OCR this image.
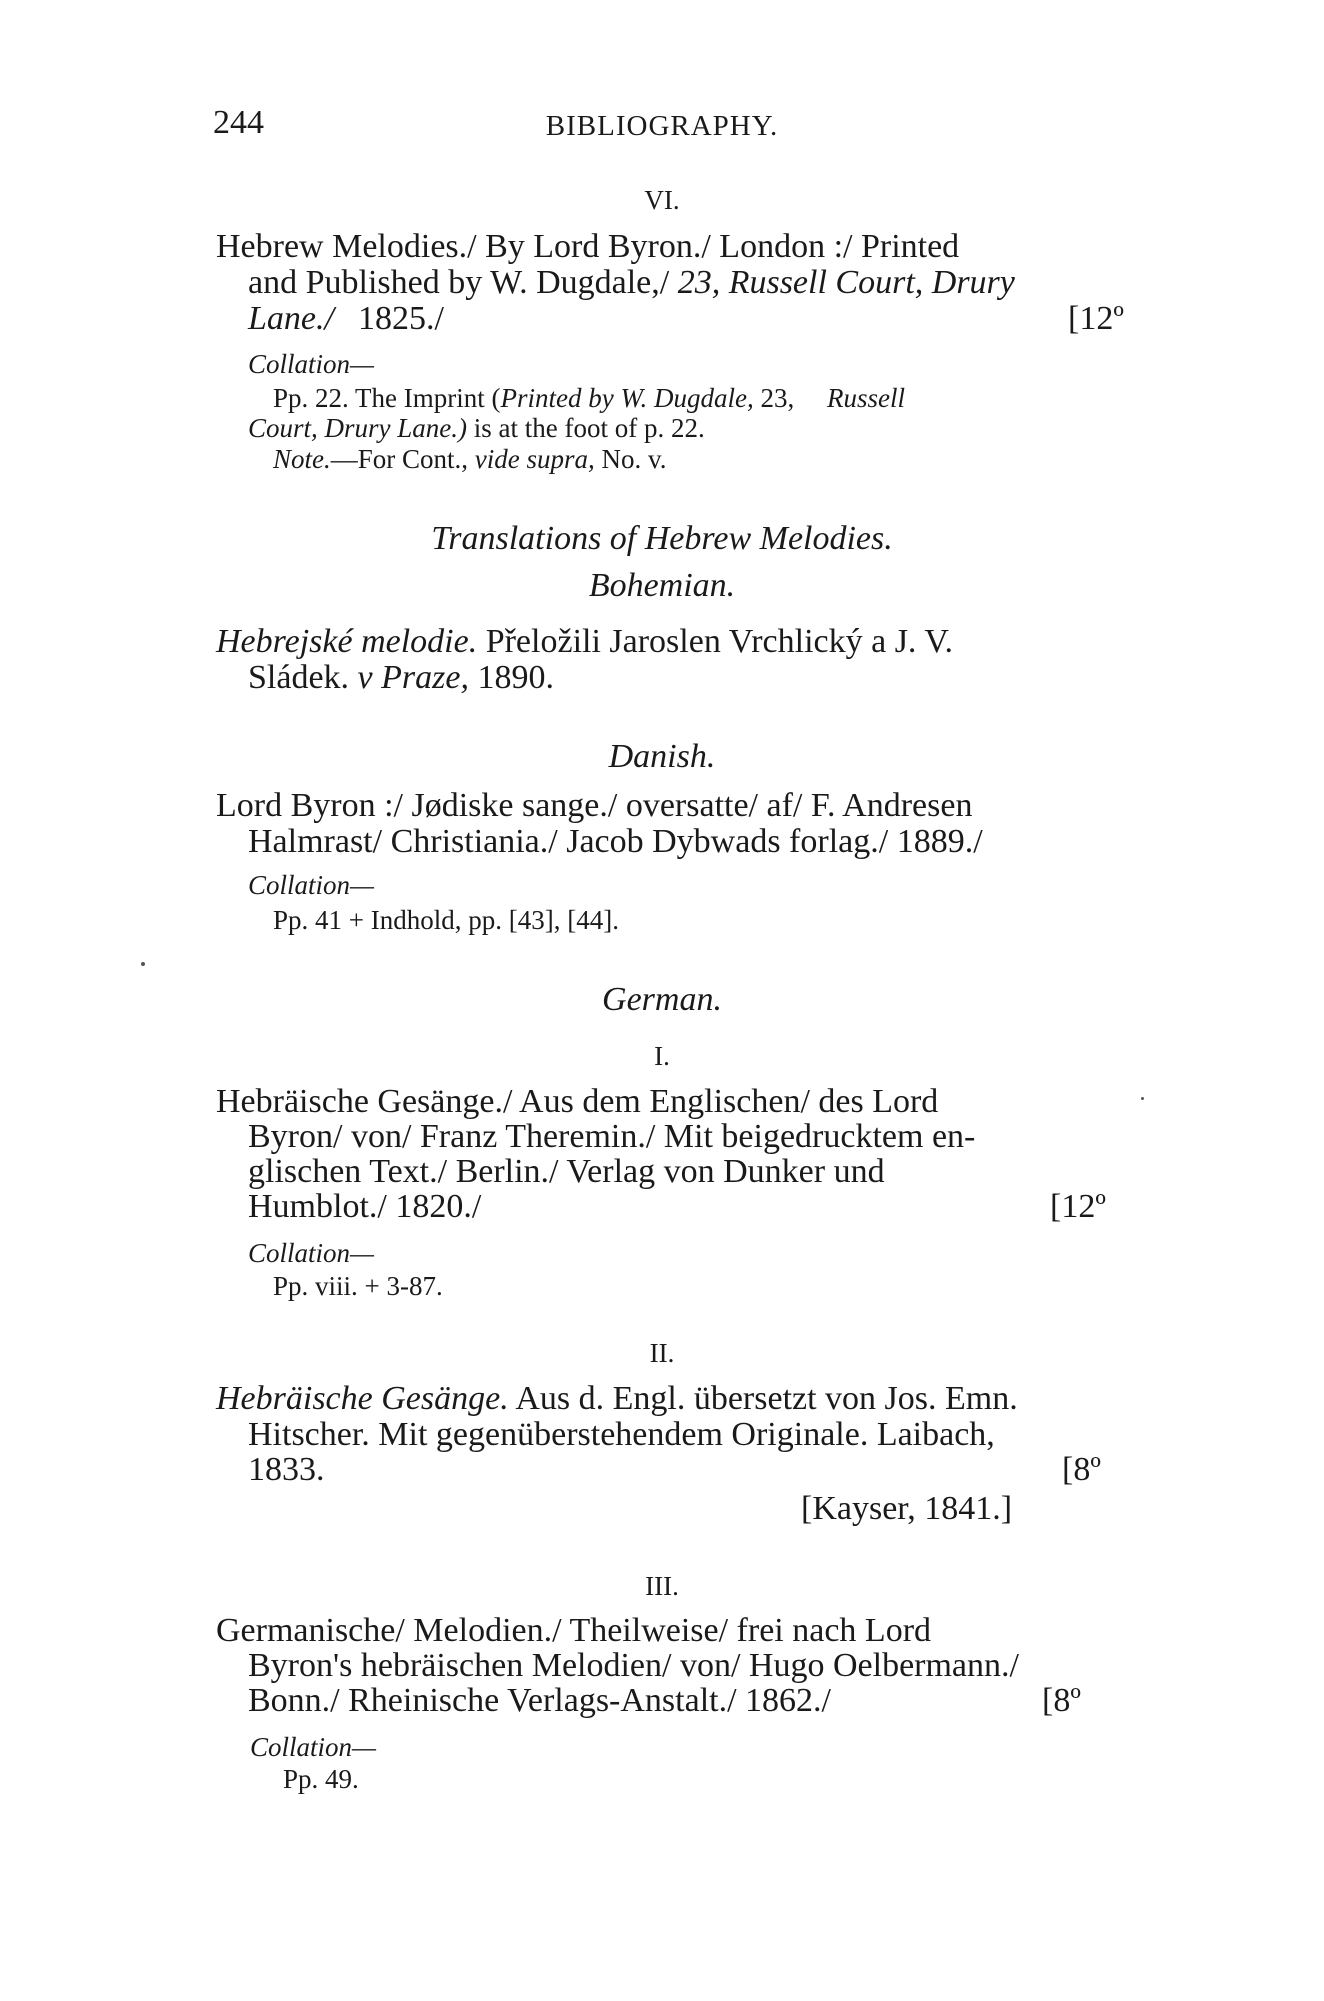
244	BIBLIOGRAPHY.
VI.
Hebrew Melodies./ By Lord Byron./ London :/ Printed
and Published by W. Dugdale,/ 23, Russell Court, Drury
Lane./ 1825./	[12º
Collation—
Pp. 22. The Imprint (Printed by W. Dugdale, 23, Russell
Court, Drury Lane.) is at the foot of p. 22.
Note.—For Cont., vide supra, No. v.
Translations of Hebrew Melodies.
Bohemian.
Hebrejské melodie. Přeložili Jaroslen Vrchlický a J. V.
Sládek. v Praze, 1890.
Danish.
Lord Byron :/ Jødiske sange./ oversatte/ af/ F. Andresen
Halmrast/ Christiania./ Jacob Dybwads forlag./ 1889./
Collation—
Pp. 41 + Indhold, pp. [43], [44].
German.
I.
Hebräische Gesänge./ Aus dem Englischen/ des Lord
Byron/ von/ Franz Theremin./ Mit beigedrucktem en-
glischen Text./ Berlin./ Verlag von Dunker und
Humblot./ 1820./	[12º
Collation—
Pp. viii. + 3-87.
II.
Hebräische Gesänge. Aus d. Engl. übersetzt von Jos. Emn.
Hitscher. Mit gegenüberstehendem Originale. Laibach,
1833.	[8º
[Kayser, 1841.]
III.
Germanische/ Melodien./ Theilweise/ frei nach Lord
Byron's hebräischen Melodien/ von/ Hugo Oelbermann./
Bonn./ Rheinische Verlags-Anstalt./ 1862./	[8º
Collation—
Pp. 49.
